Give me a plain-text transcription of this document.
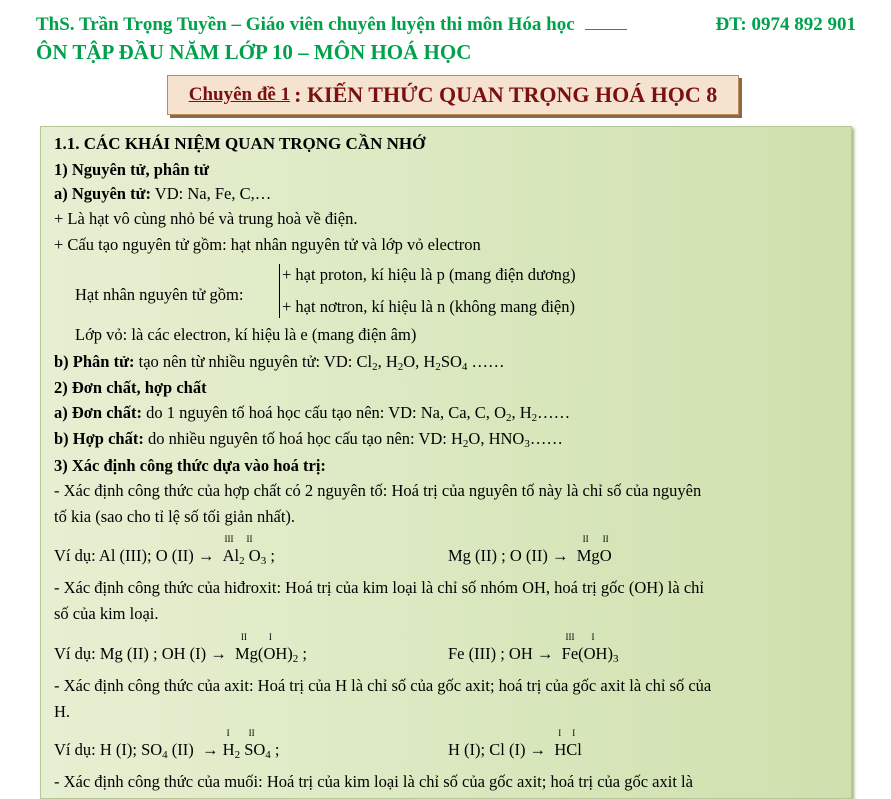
ThS. Trần Trọng Tuyền – Giáo viên chuyên luyện thi môn Hóa học	ĐT: 0974 892 901
ÔN TẬP ĐẦU NĂM LỚP 10 – MÔN HOÁ HỌC
Chuyên đề 1 : KIẾN THỨC QUAN TRỌNG HOÁ HỌC 8
1.1. CÁC KHÁI NIỆM QUAN TRỌNG CẦN NHỚ
1) Nguyên tử, phân tử
a) Nguyên tử: VD: Na, Fe, C,…
+ Là hạt vô cùng nhỏ bé và trung hoà về điện.
+ Cấu tạo nguyên tử gồm: hạt nhân nguyên tử và lớp vỏ electron
Hạt nhân nguyên tử gồm:
+ hạt proton, kí hiệu là p (mang điện dương)
+ hạt nơtron, kí hiệu là n (không mang điện)
Lớp vỏ: là các electron, kí hiệu là e (mang điện âm)
b) Phân tử: tạo nên từ nhiều nguyên tử: VD: $Cl_2$, $H_2O$, $H_2SO_4$ ……
2) Đơn chất, hợp chất
a) Đơn chất: do 1 nguyên tố hoá học cấu tạo nên: VD: Na, Ca, C, $O_2$, $H_2\dots\dots$
b) Hợp chất: do nhiều nguyên tố hoá học cấu tạo nên: VD: $H_2O$, $HNO_3\dots\dots$
3) Xác định công thức dựa vào hoá trị:
- Xác định công thức của hợp chất có 2 nguyên tố: Hoá trị của nguyên tố này là chỉ số của nguyên
tố kia (sao cho tỉ lệ số tối giản nhất).
Ví dụ: Al (III); O (II) →
III
$Al_2$
II
$O_3$ ;	Mg (II) ; O (II) →
II
Mg
II
O
- Xác định công thức của hiđroxit: Hoá trị của kim loại là chỉ số nhóm OH, hoá trị gốc (OH) là chỉ
số của kim loại.
Ví dụ: Mg (II) ; OH (I) →
II
Mg(
I
$OH)_2$ ;	Fe (III) ; OH →
III
Fe(
I
$OH)_3$
- Xác định công thức của axit: Hoá trị của H là chỉ số của gốc axit; hoá trị của gốc axit là chỉ số của
H.
Ví dụ: H (I); $SO_4$ (II)  →
I
$H_2$
II
$SO_4$ ;	H (I); Cl (I) →
I
H
I
Cl
- Xác định công thức của muối: Hoá trị của kim loại là chỉ số của gốc axit; hoá trị của gốc axit là
